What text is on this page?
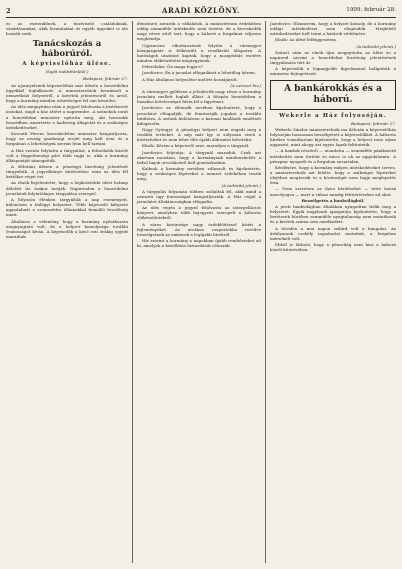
2	ARADI KÖZLÖNY.	1909. február 28.

ez az esztendőnek, a tisztviselő családoknak, vásárlásainkat, akik hivatalaikat és egyéb ügyeiket is ide hozzák ezek.

Tanácskozás a háborúról.
A képviselőház ülése.
(Saját tudósítónktól.)

Budapest, február 27.

Az ujonnyelvnek képviselőház mai ülésén a honvédelmi ügyekkel foglalkozott. A miniszterelnök beszámolt a nemzetközi helyzetről, a követek jelentéseiről és arról, hogy a kormány minden eshetőségre fel van készülve.

Az ülés megnyitása után a jegyző felolvasta a beérkezett iratokat, majd a ház áttért a napirendre. A szónokok sorát a honvédelmi miniszter nyitotta meg, aki hosszabb beszédben ismertette a hadsereg állapotát és a szükséges intézkedéseket.

Kossuth Ferenc kereskedelmi miniszter hangsúlyozta, hogy az ország gazdasági erejét meg kell óvni és a forgalmat a lehetőségek szerint fenn kell tartani.

A Ház ezután folytatta a tárgyalást, a felszólalók között volt a függetlenségi párt több tagja is, akik a kormány álláspontját támogatták.

A délutáni ülésen a pénzügyi bizottság jelentését tárgyalták. A jegyzőkönyv hitelesítése után az ülés fél kettőkor véget ért.

Az elnök bejelentette, hogy a legközelebbi ülést holnap délelőtt tíz órakor tartják. Napirenden a honvédelmi javaslatok folytatólagos tárgyalása szerepel.

A folyosón élénken tárgyalták a nap eseményeit, különösen a külügyi helyzetet. Több képviselő kifejezte aggodalmát a szomszédos államokkal fennálló feszültség miatt.

Általános a vélemény, hogy a kormány nyilatkozata megnyugtató volt, de a helyzet komolysága további óvatosságot kíván. A képviselők a késő esti órákig együtt maradtak.

dénzüneti zavarok a vállalatok. A minisztérium érdekében eddig semmiféle intézkedés nem történt, de a kereskedők nagy része attól tart, hogy a háború a forgalmat teljesen megbénítja.

Ugyanezen elhatározások folytán a vármegyei közigazgatás is felkészült a rendkívüli állapotra. A hatóságok utasítást kaptak, hogy a mozgósítás esetére minden előkészületet megtegyenek.

Felszólalás: Ön maga fogja-e?

Jozefovics: Én a javaslat elfogadását a lehetőleg kérem.

A Ház általános helyeslése mellett hozzájárult.

(A nemzet hiv.)

A vármegyei gyűlésen a jelenlevők nagy része a kormány javaslata mellett foglalt állást. A főispán beszédében a hazafias kötelességre hívta fel a figyelmet.

Jozefovics az ellenzék nevében kijelentette, hogy a javaslatot elfogadják, de fenntartják jogukat a további bírálatra. A szónok különösen a katonai kiadások emelését kifogásolta.

Nagy Gyöngyi: A pénzügyi helyzet nem engedi meg a további terheket. A nép már így is súlyosan viseli a közterheket és nem lehet tőle újabb áldozatot követelni.

Elnök: Kérem a képviselő urat, maradjon a tárgynál.

Jozefovics folytatja: A tárgynál maradok. Csak azt akartam mondani, hogy a kormánynak mindenekelőtt a belső bajok orvoslásáról kell gondoskodnia.

Kalinok a kormány nevében válaszolt és kijelentette, hogy a szükséges lépéseket a nemzet érdekében teszik meg.

(A tudósító jelenti.)

A tárgyalás folyamán többen szólaltak fel, akik mind a nemzeti ügy fontosságát hangsúlyozták. A Ház végül a javaslatot általánosságban elfogadta.

Az ülés végén a jegyző felolvasta az interpellációs könyvet, amelyben több bejegyzés szerepelt a háborús előkészületekről.

A város közönsége nagy érdeklődéssel kíséri a fejleményeket. Az utcákon csoportokba verődve beszélgetnek az emberek a legújabb hírekről.

Hír szerint a kormány a napokban újabb rendeleteket ad ki, amelyek a közellátás biztosítását célozzák.

Jozefovics: Elismerem, hogy a helyzet komoly, de a kormány eddigi intézkedései nem elegendők. Megfelelő intézkedéseket kell tenni a határok védelmére.

Elnök: Az ülést felfüggesztem.

(A tudósító jelenti.)

Szünet után az elnök újra megnyitotta az ülést és a napirend szerint a honvédelmi bizottság jelentésének tárgyalására tért át.

A képviselők a legnagyobb figyelemmel hallgatták a miniszter fejtegetéseit.

A bankárokkás és a háború.
Wekerle a Ház folyosóján.

Budapest, február 27.

Wekerle Sándor miniszterelnök ma délután a képviselőház folyosóján hosszasan beszélgetett a képviselőkkel. A háborús hírekre vonatkozóan kijelentette, hogy a helyzet nem olyan aggasztó, mint ahogy azt egyes lapok feltüntetik.

— A bankok részéről — mondotta — semmiféle pánikszerű intézkedés nem történt és nincs is ok az aggodalomra. A pénzpiac nyugodt és a forgalom zavartalan.

Kérdésére, hogy a kormány milyen intézkedéseket tervez, a miniszterelnök azt felelte, hogy a szükséges lépéseket idejében megteszik és a közönséget nem fogja meglepetés érni.

— Nem szeretem az ilyen kérdéseket — tette hozzá mosolyogva — mert a válasz mindig félreértésekre ad okot.

Beszélgetés a bankvilágból.

A pesti bankvilágban általában nyugodtan ítélik meg a helyzetet. Egyik nagybank igazgatója kijelentette, hogy a betétesek körében semmiféle nyugtalanság nem mutatkozik és a kivétek száma sem emelkedett.

A tőzsdén a mai napon szilárd volt a hangulat. Az árfolyamok csekély ingadozást mutattak, a forgalom mérsékelt volt.

Ebből is látható, hogy a pénzvilág nem hisz a háború közeli kitörésében.
